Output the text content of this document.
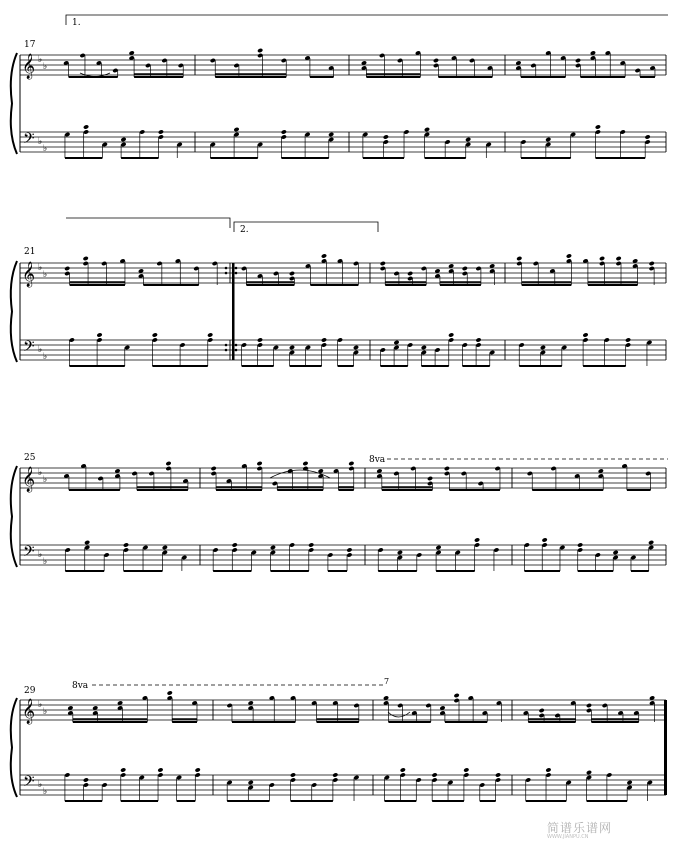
𝄞
𝄢
♭
♭
♭
♭
𝄞
𝄢
♭
♭
♭
♭
𝄞
𝄢
♭
♭
♭
♭
𝄞
𝄢
♭
♭
♭
♭
17
21
25
29
1.
2.
8va
8va	7
简谱乐谱网
WWW.JIANPU.CN
